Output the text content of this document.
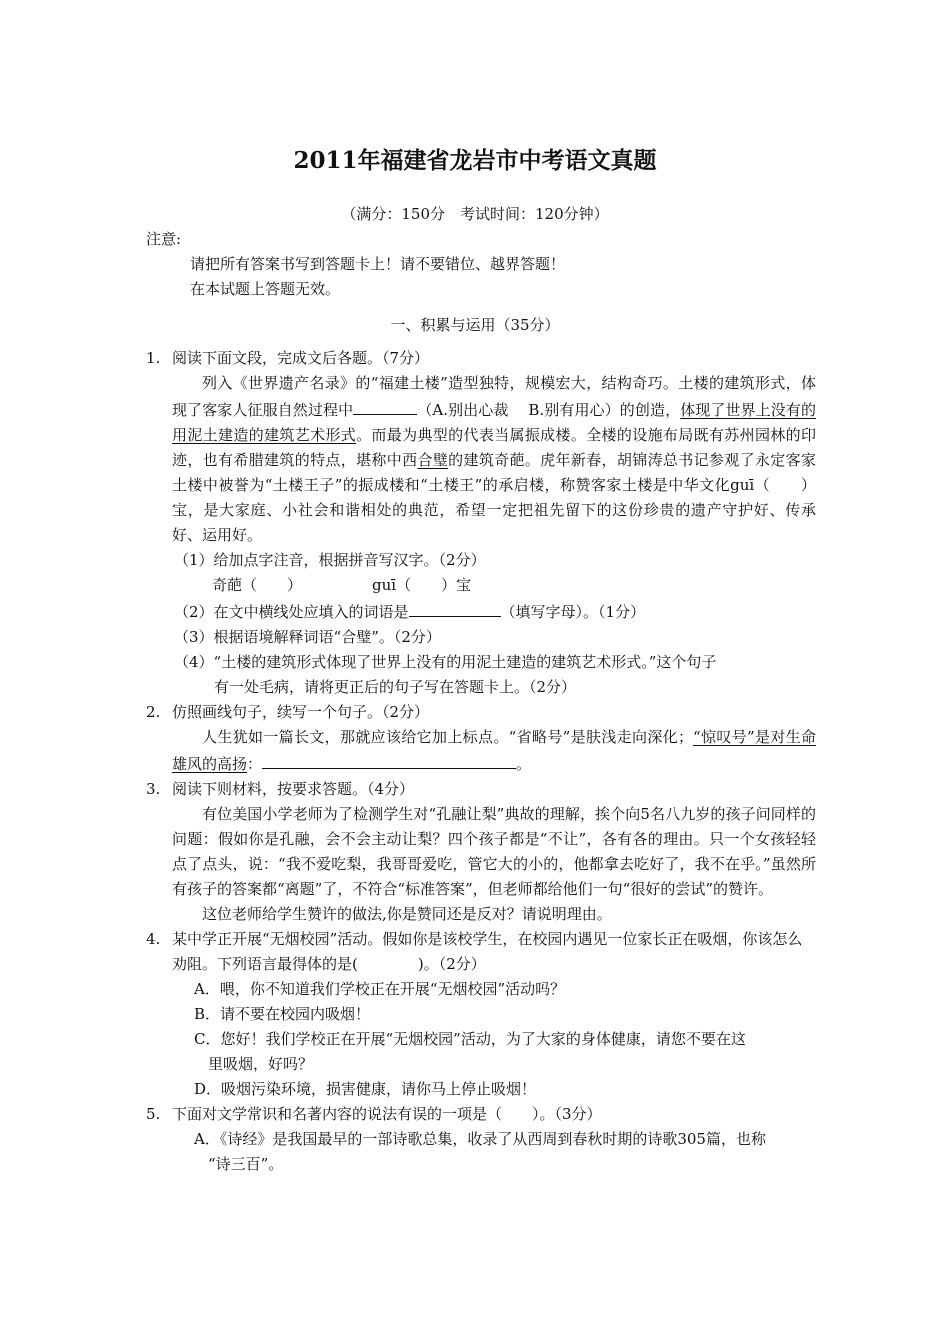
2011年福建省龙岩市中考语文真题
（满分：150分　考试时间：120分钟）
注意:
请把所有答案书写到答题卡上！请不要错位、越界答题！
在本试题上答题无效。
一、积累与运用（35分）
1. 阅读下面文段，完成文后各题。（7分）
列入《世界遗产名录》的“福建土楼”造型独特，规模宏大，结构奇巧。土楼的建筑形式，体现了客家人征服自然过程中	（A.别出心裁　 B.别有用心）的创造，体现了世界上没有的用泥土建造的建筑艺术形式。而最为典型的代表当属振成楼。全楼的设施布局既有苏州园林的印迹，也有希腊建筑的特点，堪称中西合璧的建筑奇葩。虎年新春，胡锦涛总书记参观了永定客家土楼中被誉为“土楼王子”的振成楼和“土楼王”的承启楼，称赞客家土楼是中华文化guī（　　）宝，是大家庭、小社会和谐相处的典范，希望一定把祖先留下的这份珍贵的遗产守护好、传承好、运用好。
（1）给加点字注音，根据拼音写汉字。（2分）
奇葩（　　）	guī（　　）宝
（2）在文中横线处应填入的词语是	（填写字母）。（1分）
（3）根据语境解释词语“合璧”。（2分）
（4）“土楼的建筑形式体现了世界上没有的用泥土建造的建筑艺术形式。”这个句子
有一处毛病，请将更正后的句子写在答题卡上。（2分）
2. 仿照画线句子，续写一个句子。（2分）
人生犹如一篇长文，那就应该给它加上标点。“省略号”是肤浅走向深化；“惊叹号”是对生命雄风的高扬：	。
3. 阅读下则材料，按要求答题。（4分）
有位美国小学老师为了检测学生对“孔融让梨”典故的理解，挨个向5名八九岁的孩子问同样的问题：假如你是孔融，会不会主动让梨？四个孩子都是“不让”，各有各的理由。只一个女孩轻轻点了点头，说：“我不爱吃梨，我哥哥爱吃，管它大的小的，他都拿去吃好了，我不在乎。”虽然所有孩子的答案都“离题”了，不符合“标准答案”，但老师都给他们一句“很好的尝试”的赞许。
这位老师给学生赞许的做法,你是赞同还是反对？请说明理由。
4. 某中学正开展“无烟校园”活动。假如你是该校学生，在校园内遇见一位家长正在吸烟，你该怎么劝阻。下列语言最得体的是(　　　　)。（2分）
A．喂，你不知道我们学校正在开展“无烟校园”活动吗？
B．请不要在校园内吸烟！
C．您好！我们学校正在开展“无烟校园”活动，为了大家的身体健康，请您不要在这
里吸烟，好吗？
D．吸烟污染环境，损害健康，请你马上停止吸烟！
5. 下面对文学常识和名著内容的说法有误的一项是（　　）。（3分）
A．《诗经》是我国最早的一部诗歌总集，收录了从西周到春秋时期的诗歌305篇，也称
“诗三百”。
